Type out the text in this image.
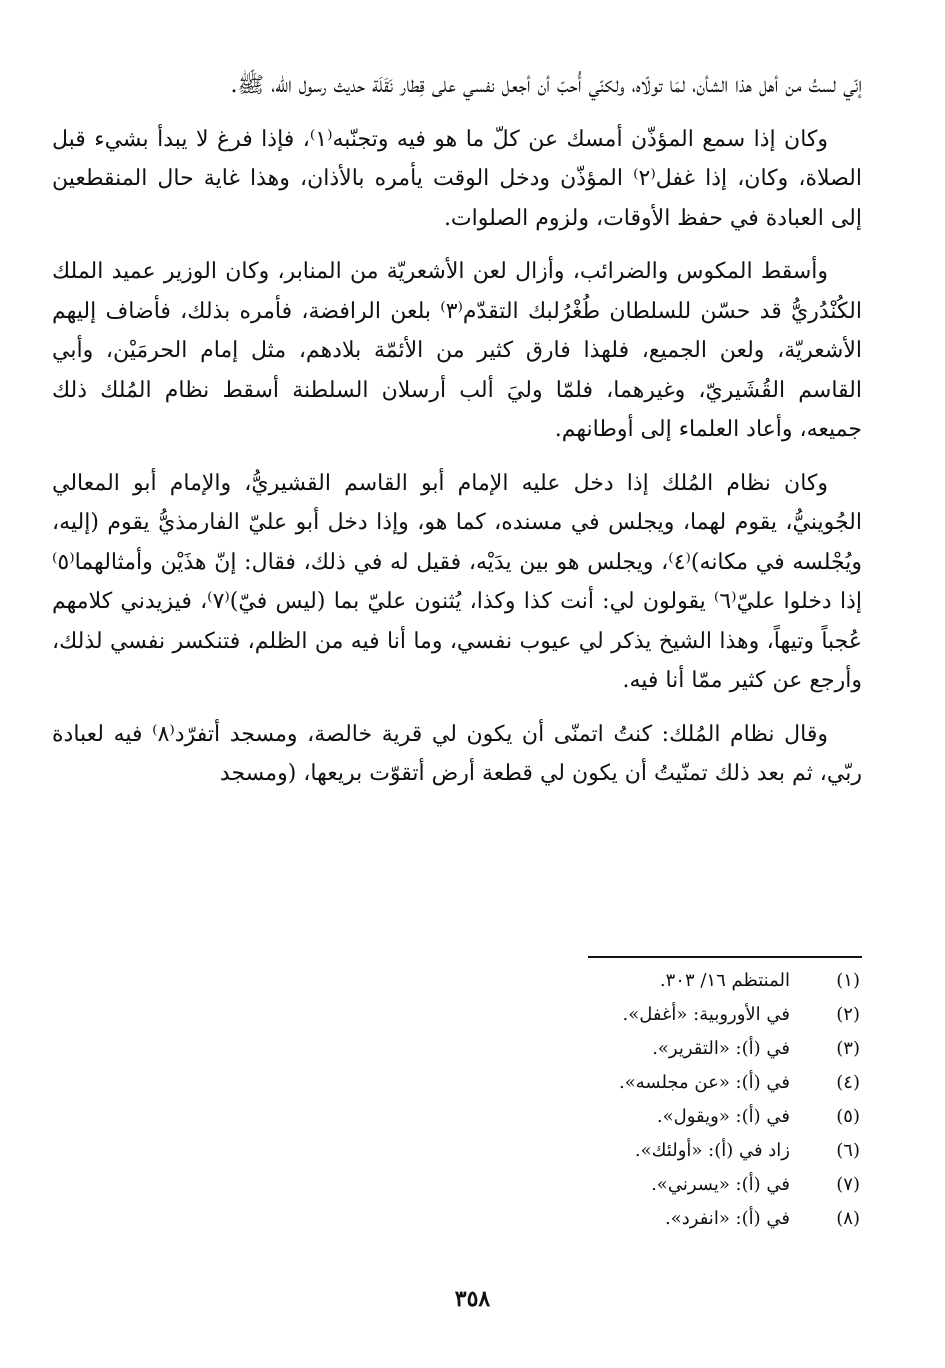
إنّي لستُ من أهل هذا الشأن، لمَا تولّاه، ولكنّي أُحبّ أن أجعل نفسي على قِطار نَقَلَة حديث رسول الله، ﷺ.

وكان إذا سمع المؤذّن أمسك عن كلّ ما هو فيه وتجنّبه⁽١⁾، فإذا فرغ لا يبدأ بشيء قبل الصلاة، وكان، إذا غفل⁽٢⁾ المؤذّن ودخل الوقت يأمره بالأذان، وهذا غاية حال المنقطعين إلى العبادة في حفظ الأوقات، ولزوم الصلوات.

وأسقط المكوس والضرائب، وأزال لعن الأشعريّة من المنابر، وكان الوزير عميد الملك الكُنْدُريُّ قد حسّن للسلطان طُغْرُلبك التقدّم⁽٣⁾ بلعن الرافضة، فأمره بذلك، فأضاف إليهم الأشعريّة، ولعن الجميع، فلهذا فارق كثير من الأئمّة بلادهم، مثل إمام الحرمَيْن، وأبي القاسم القُشَيريّ، وغيرهما، فلمّا وليَ ألب أرسلان السلطنة أسقط نظام المُلك ذلك جميعه، وأعاد العلماء إلى أوطانهم.

وكان نظام المُلك إذا دخل عليه الإمام أبو القاسم القشيريُّ، والإمام أبو المعالي الجُوينيُّ، يقوم لهما، ويجلس في مسنده، كما هو، وإذا دخل أبو عليّ الفارمذيُّ يقوم (إليه، ويُجْلسه في مكانه)⁽٤⁾، ويجلس هو بين يدَيْه، فقيل له في ذلك، فقال: إنّ هذَيْن وأمثالهما⁽٥⁾ إذا دخلوا عليّ⁽٦⁾ يقولون لي: أنت كذا وكذا، يُثنون عليّ بما (ليس فيّ)⁽٧⁾، فيزيدني كلامهم عُجباً وتيهاً، وهذا الشيخ يذكر لي عيوب نفسي، وما أنا فيه من الظلم، فتنكسر نفسي لذلك، وأرجع عن كثير ممّا أنا فيه.

وقال نظام المُلك: كنتُ اتمنّى أن يكون لي قرية خالصة، ومسجد أتفرّد⁽٨⁾ فيه لعبادة ربّي، ثم بعد ذلك تمنّيتُ أن يكون لي قطعة أرض أتقوّت بريعها، (ومسجد

(١)
المنتظم ١٦/ ٣٠٣.
(٢)
في الأوروبية: «أغفل».
(٣)
في (أ): «التقرير».
(٤)
في (أ): «عن مجلسه».
(٥)
في (أ): «ويقول».
(٦)
زاد في (أ): «أولئك».
(٧)
في (أ): «يسرني».
(٨)
في (أ): «انفرد».
٣٥٨
